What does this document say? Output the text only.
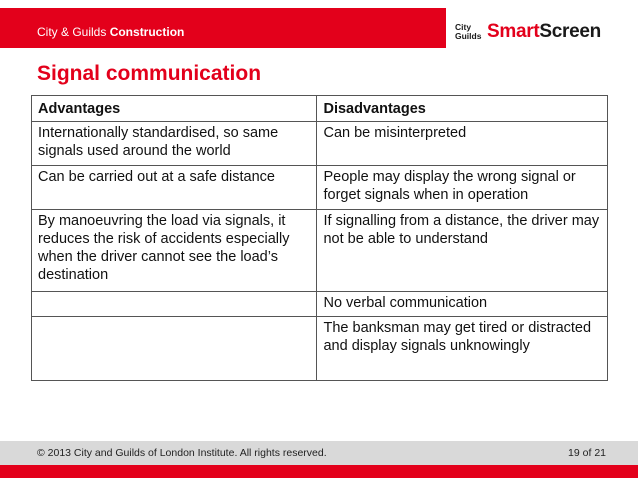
City & Guilds Construction	City
Guilds SmartScreen
Signal communication
Advantages	Disadvantages
Internationally standardised, so same signals used around the world	Can be misinterpreted
Can be carried out at a safe distance	People may display the wrong signal or forget signals when in operation
By manoeuvring the load via signals, it reduces the risk of accidents especially when the driver cannot see the load’s destination	If signalling from a distance, the driver may not be able to understand
	No verbal communication
	The banksman may get tired or distracted and display signals unknowingly
© 2013 City and Guilds of London Institute. All rights reserved.	19 of 21
